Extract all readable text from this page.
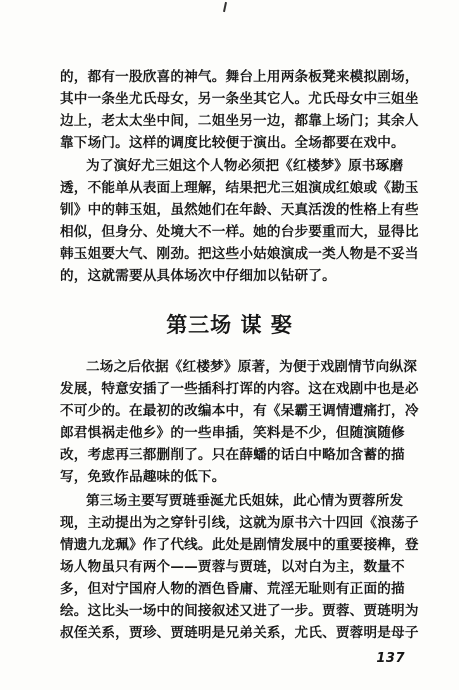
的，都有一股欣喜的神气。舞台上用两条板凳来模拟剧场，
其中一条坐尤氏母女，另一条坐其它人。尤氏母女中三姐坐
边上，老太太坐中间，二姐坐另一边，都靠上场门；其余人
靠下场门。这样的调度比较便于演出。全场都要在戏中。
为了演好尤三姐这个人物必须把《红楼梦》原书琢磨
透，不能单从表面上理解，结果把尤三姐演成红娘或《勘玉
钏》中的韩玉姐，虽然她们在年龄、天真活泼的性格上有些
相似，但身分、处境大不一样。她的台步要重而大，显得比
韩玉姐要大气、刚劲。把这些小姑娘演成一类人物是不妥当
的，这就需要从具体场次中仔细加以钻研了。
第三场 谋 娶
二场之后依据《红楼梦》原著，为便于戏剧情节向纵深
发展，特意安插了一些插科打诨的内容。这在戏剧中也是必
不可少的。在最初的改编本中，有《呆霸王调情遭痛打，冷
郎君惧祸走他乡》的一些串插，笑料是不少，但随演随修
改，考虑再三都删削了。只在薛蟠的话白中略加含蓄的描
写，免致作品趣味的低下。
第三场主要写贾琏垂涎尤氏姐妹，此心情为贾蓉所发
现，主动提出为之穿针引线，这就为原书六十四回《浪荡子
情遗九龙珮》作了代线。此处是剧情发展中的重要接榫，登
场人物虽只有两个——贾蓉与贾琏，以对白为主，数量不
多，但对宁国府人物的酒色昏庸、荒淫无耻则有正面的描
绘。这比头一场中的间接叙述又进了一步。贾蓉、贾琏明为
叔侄关系，贾珍、贾琏明是兄弟关系，尤氏、贾蓉明是母子
137
